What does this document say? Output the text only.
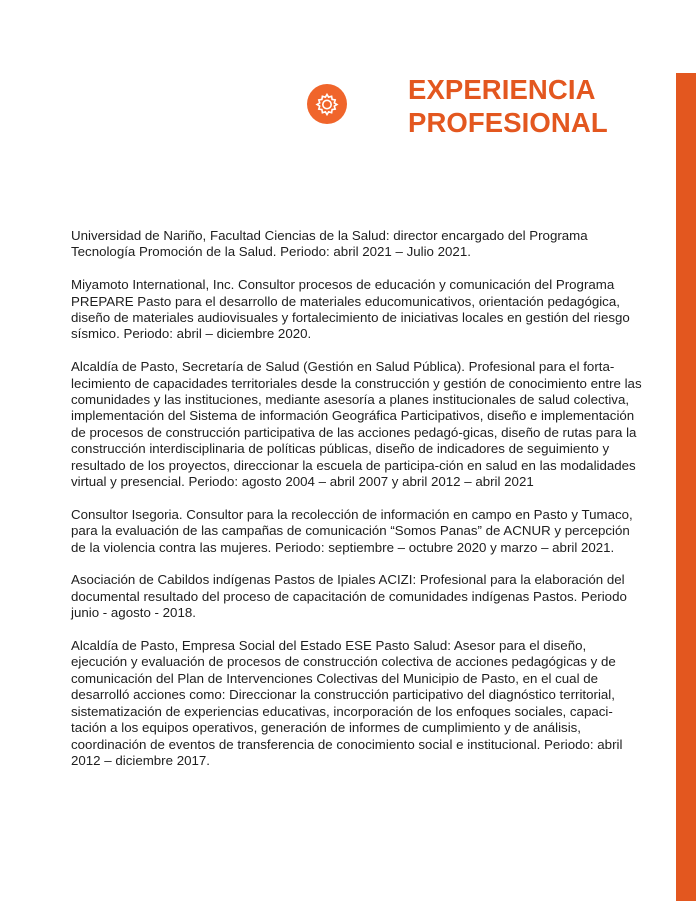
EXPERIENCIA
PROFESIONAL

Universidad de Nariño, Facultad Ciencias de la Salud: director encargado del Programa Tecnología Promoción de la Salud. Periodo: abril 2021 – Julio 2021.

Miyamoto International, Inc. Consultor procesos de educación y comunicación del Programa PREPARE Pasto para el desarrollo de materiales educomunicativos, orientación pedagógica, diseño de materiales audiovisuales y fortalecimiento de iniciativas locales en gestión del riesgo sísmico. Periodo: abril – diciembre 2020.

Alcaldía de Pasto, Secretaría de Salud (Gestión en Salud Pública). Profesional para el forta-lecimiento de capacidades territoriales desde la construcción y gestión de conocimiento entre las comunidades y las instituciones, mediante asesoría a planes institucionales de salud colectiva, implementación del Sistema de información Geográfica Participativos, diseño e implementación de procesos de construcción participativa de las acciones pedagó-gicas, diseño de rutas para la construcción interdisciplinaria de políticas públicas, diseño de indicadores de seguimiento y resultado de los proyectos, direccionar la escuela de participa-ción en salud en las modalidades virtual y presencial. Periodo: agosto 2004 – abril 2007 y abril 2012 – abril 2021

Consultor Isegoria. Consultor para la recolección de información en campo en Pasto y Tumaco, para la evaluación de las campañas de comunicación “Somos Panas” de ACNUR y percepción de la violencia contra las mujeres. Periodo: septiembre – octubre 2020 y marzo – abril 2021.

Asociación de Cabildos indígenas Pastos de Ipiales ACIZI: Profesional para la elaboración del documental resultado del proceso de capacitación de comunidades indígenas Pastos. Periodo junio - agosto - 2018.

Alcaldía de Pasto, Empresa Social del Estado ESE Pasto Salud: Asesor para el diseño, ejecución y evaluación de procesos de construcción colectiva de acciones pedagógicas y de comunicación del Plan de Intervenciones Colectivas del Municipio de Pasto, en el cual de desarrolló acciones como: Direccionar la construcción participativo del diagnóstico territorial, sistematización de experiencias educativas, incorporación de los enfoques sociales, capaci-tación a los equipos operativos, generación de informes de cumplimiento y de análisis, coordinación de eventos de transferencia de conocimiento social e institucional. Periodo: abril 2012 – diciembre 2017.
